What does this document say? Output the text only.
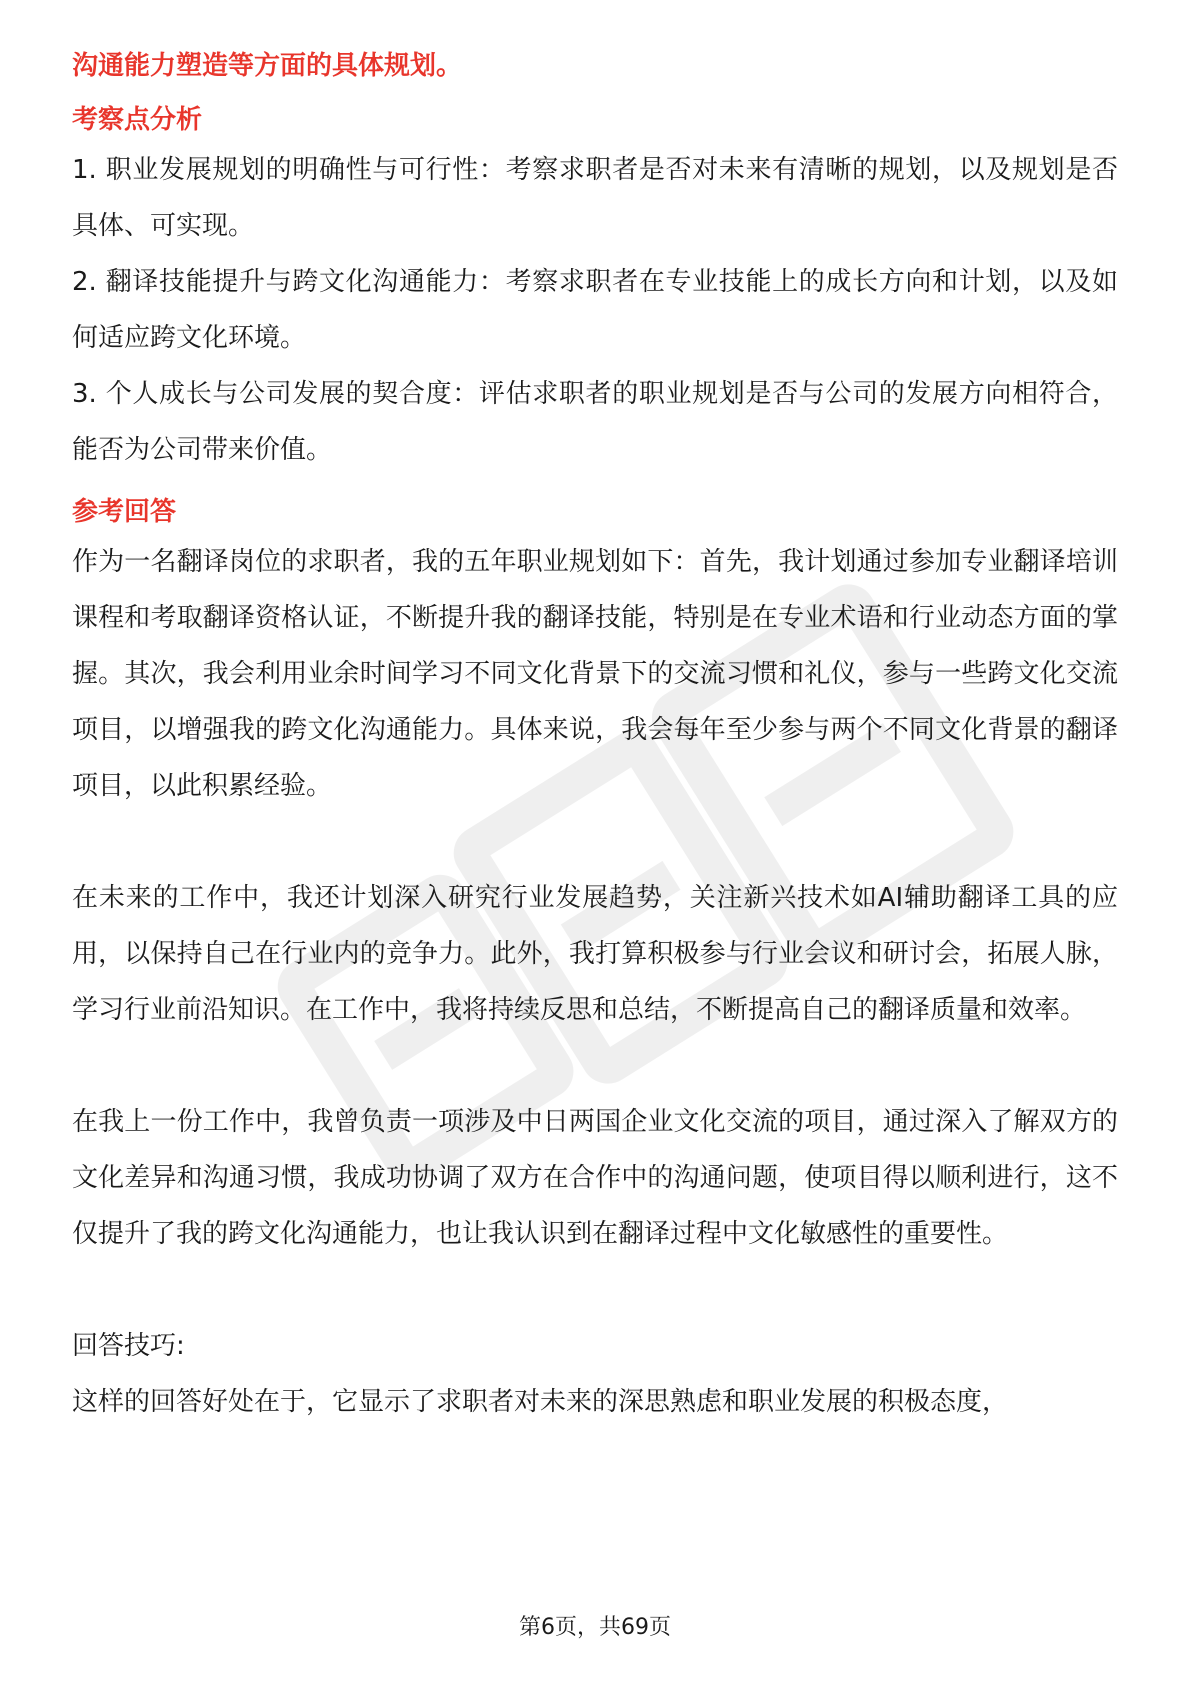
沟通能力塑造等方面的具体规划。

考察点分析

1. 职业发展规划的明确性与可行性：考察求职者是否对未来有清晰的规划，以及规划是否具体、可实现。

2. 翻译技能提升与跨文化沟通能力：考察求职者在专业技能上的成长方向和计划，以及如何适应跨文化环境。

3. 个人成长与公司发展的契合度：评估求职者的职业规划是否与公司的发展方向相符合，能否为公司带来价值。

参考回答

作为一名翻译岗位的求职者，我的五年职业规划如下：首先，我计划通过参加专业翻译培训课程和考取翻译资格认证，不断提升我的翻译技能，特别是在专业术语和行业动态方面的掌握。其次，我会利用业余时间学习不同文化背景下的交流习惯和礼仪，参与一些跨文化交流项目，以增强我的跨文化沟通能力。具体来说，我会每年至少参与两个不同文化背景的翻译项目，以此积累经验。

在未来的工作中，我还计划深入研究行业发展趋势，关注新兴技术如AI辅助翻译工具的应用，以保持自己在行业内的竞争力。此外，我打算积极参与行业会议和研讨会，拓展人脉，学习行业前沿知识。在工作中，我将持续反思和总结，不断提高自己的翻译质量和效率。

在我上一份工作中，我曾负责一项涉及中日两国企业文化交流的项目，通过深入了解双方的文化差异和沟通习惯，我成功协调了双方在合作中的沟通问题，使项目得以顺利进行，这不仅提升了我的跨文化沟通能力，也让我认识到在翻译过程中文化敏感性的重要性。

回答技巧:

这样的回答好处在于，它显示了求职者对未来的深思熟虑和职业发展的积极态度，

第6页，共69页
